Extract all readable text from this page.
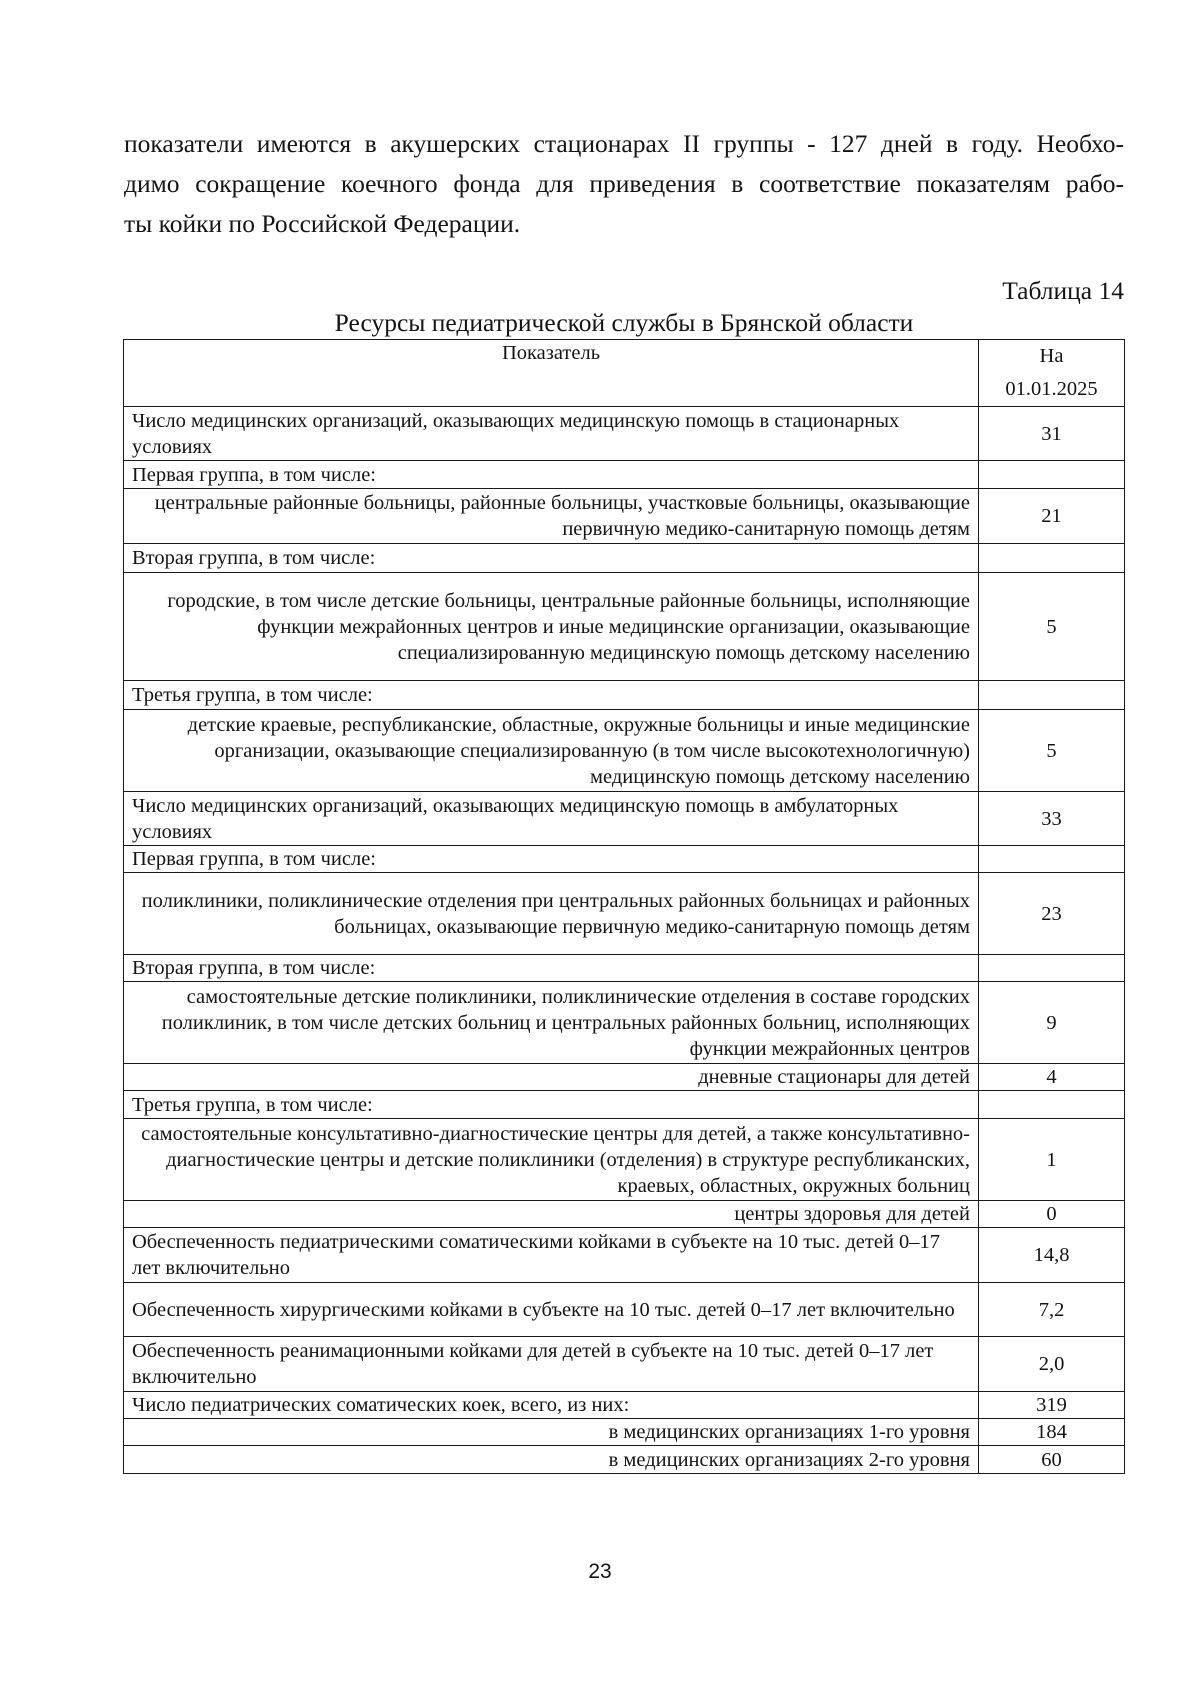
показатели имеются в акушерских стационарах II группы - 127 дней в году. Необхо-
димо сокращение коечного фонда для приведения в соответствие показателям рабо-
ты койки по Российской Федерации.
Таблица 14
Ресурсы педиатрической службы в Брянской области
Показатель	На
01.01.2025

Число медицинских организаций, оказывающих медицинскую помощь в стационарных условиях	31
Первая группа, в том числе:	
центральные районные больницы, районные больницы, участковые больницы, оказывающие первичную медико-санитарную помощь детям	21
Вторая группа, в том числе:	
городские, в том числе детские больницы, центральные районные больницы, исполняющие функции межрайонных центров и иные медицинские организации, оказывающие специализированную медицинскую помощь детскому населению	5
Третья группа, в том числе:	
детские краевые, республиканские, областные, окружные больницы и иные медицинские организации, оказывающие специализированную (в том числе высокотехнологичную) медицинскую помощь детскому населению	5
Число медицинских организаций, оказывающих медицинскую помощь в амбулаторных условиях	33
Первая группа, в том числе:	
поликлиники, поликлинические отделения при центральных районных больницах и районных больницах, оказывающие первичную медико-санитарную помощь детям	23
Вторая группа, в том числе:	
самостоятельные детские поликлиники, поликлинические отделения в составе городских поликлиник, в том числе детских больниц и центральных районных больниц, исполняющих функции межрайонных центров	9
дневные стационары для детей	4
Третья группа, в том числе:	
самостоятельные консультативно-диагностические центры для детей, а также консультативно-диагностические центры и детские поликлиники (отделения) в структуре республиканских, краевых, областных, окружных больниц	1
центры здоровья для детей	0
Обеспеченность педиатрическими соматическими койками в субъекте на 10 тыс. детей 0–17 лет включительно	14,8
Обеспеченность хирургическими койками в субъекте на 10 тыс. детей 0–17 лет включительно	7,2
Обеспеченность реанимационными койками для детей в субъекте на 10 тыс. детей 0–17 лет включительно	2,0
Число педиатрических соматических коек, всего, из них:	319
в медицинских организациях 1-го уровня	184
в медицинских организациях 2-го уровня	60
23
